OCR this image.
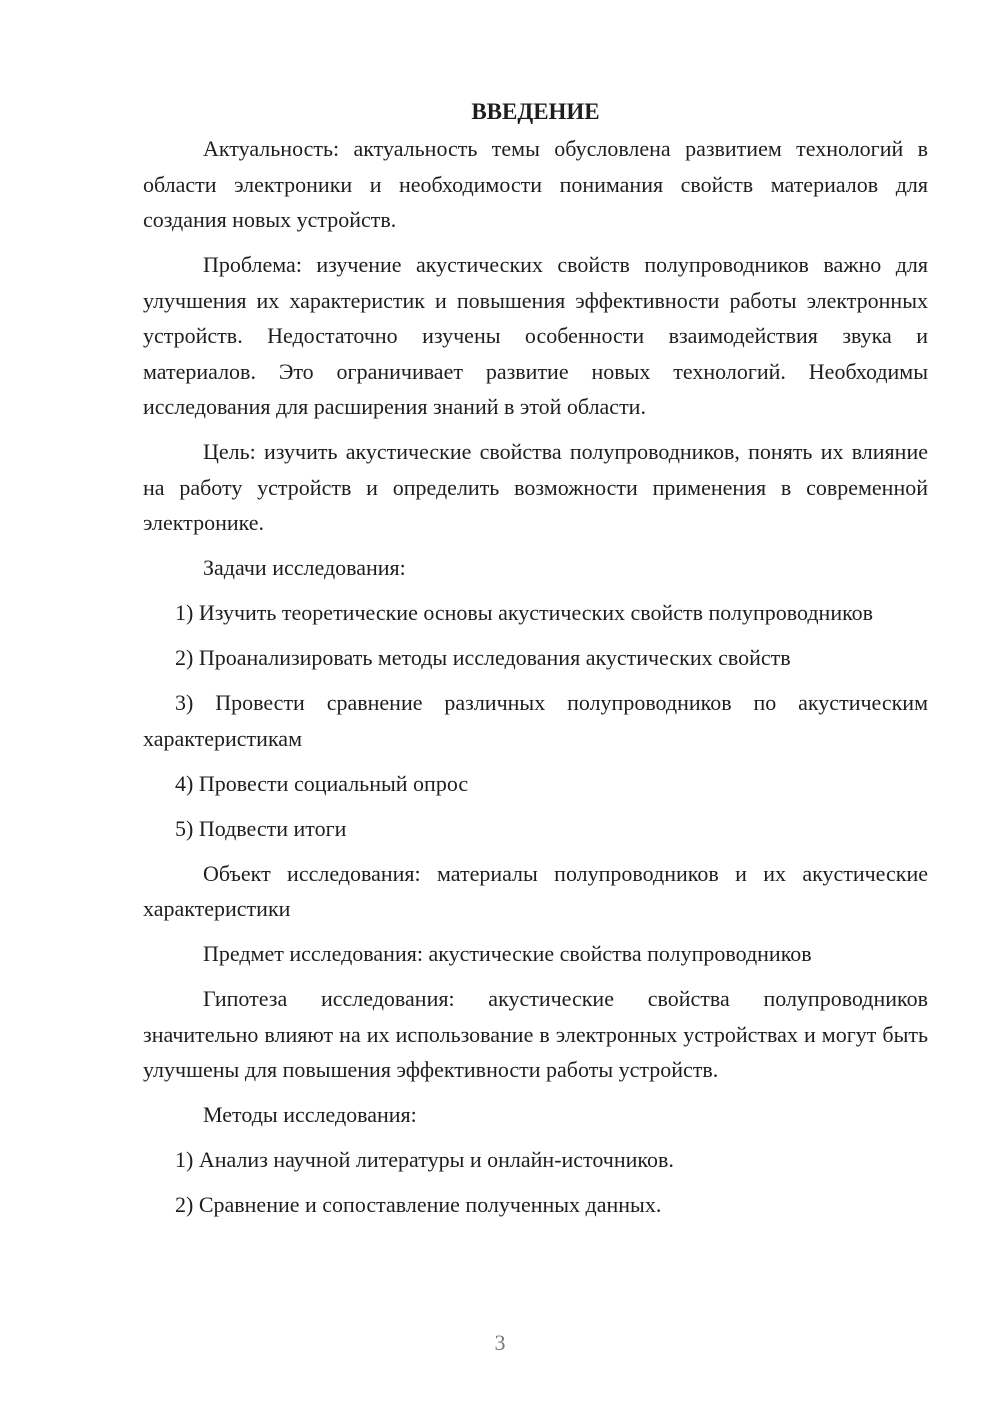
ВВЕДЕНИЕ

Актуальность: актуальность темы обусловлена развитием технологий в области электроники и необходимости понимания свойств материалов для создания новых устройств.

Проблема: изучение акустических свойств полупроводников важно для улучшения их характеристик и повышения эффективности работы электронных устройств. Недостаточно изучены особенности взаимодействия звука и материалов. Это ограничивает развитие новых технологий. Необходимы исследования для расширения знаний в этой области.

Цель: изучить акустические свойства полупроводников, понять их влияние на работу устройств и определить возможности применения в современной электронике.

Задачи исследования:

1) Изучить теоретические основы акустических свойств полупроводников

2) Проанализировать методы исследования акустических свойств

3) Провести сравнение различных полупроводников по акустическим характеристикам

4) Провести социальный опрос

5) Подвести итоги

Объект исследования: материалы полупроводников и их акустические характеристики

Предмет исследования: акустические свойства полупроводников

Гипотеза исследования: акустические свойства полупроводников значительно влияют на их использование в электронных устройствах и могут быть улучшены для повышения эффективности работы устройств.

Методы исследования:

1) Анализ научной литературы и онлайн-источников.

2) Сравнение и сопоставление полученных данных.

3
